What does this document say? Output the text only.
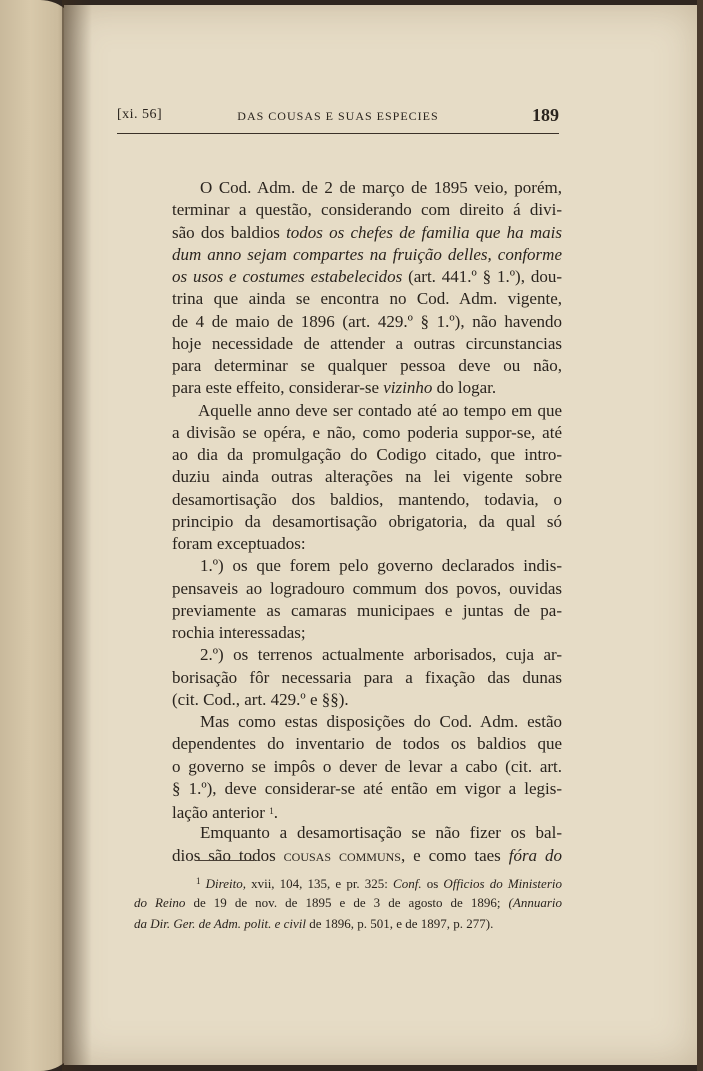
[xi. 56]	DAS COUSAS E SUAS ESPECIES	189
O Cod. Adm. de 2 de março de 1895 veio, porém,
terminar a questão, considerando com direito á divi-
são dos baldios todos os chefes de familia que ha mais
dum anno sejam compartes na fruição delles, conforme
os usos e costumes estabelecidos (art. 441.º § 1.º), dou-
trina que ainda se encontra no Cod. Adm. vigente,
de 4 de maio de 1896 (art. 429.º § 1.º), não havendo
hoje necessidade de attender a outras circunstancias
para determinar se qualquer pessoa deve ou não,
para este effeito, considerar-se vizinho do logar.
Aquelle anno deve ser contado até ao tempo em que
a divisão se opéra, e não, como poderia suppor-se, até
ao dia da promulgação do Codigo citado, que intro-
duziu ainda outras alterações na lei vigente sobre
desamortisação dos baldios, mantendo, todavia, o
principio da desamortisação obrigatoria, da qual só
foram exceptuados:
1.º) os que forem pelo governo declarados indis-
pensaveis ao logradouro commum dos povos, ouvidas
previamente as camaras municipaes e juntas de pa-
rochia interessadas;
2.º) os terrenos actualmente arborisados, cuja ar-
borisação fôr necessaria para a fixação das dunas
(cit. Cod., art. 429.º e §§).
Mas como estas disposições do Cod. Adm. estão
dependentes do inventario de todos os baldios que
o governo se impôs o dever de levar a cabo (cit. art.
§ 1.º), deve considerar-se até então em vigor a legis-
lação anterior $^1$.
Emquanto a desamortisação se não fizer os bal-
dios são todos cousas communs, e como taes fóra do
$^1$ Direito, xvii, 104, 135, e pr. 325: Conf. os Officios do Ministerio
do Reino de 19 de nov. de 1895 e de 3 de agosto de 1896; (Annuario
da Dir. Ger. de Adm. polit. e civil de 1896, p. 501, e de 1897, p. 277).
